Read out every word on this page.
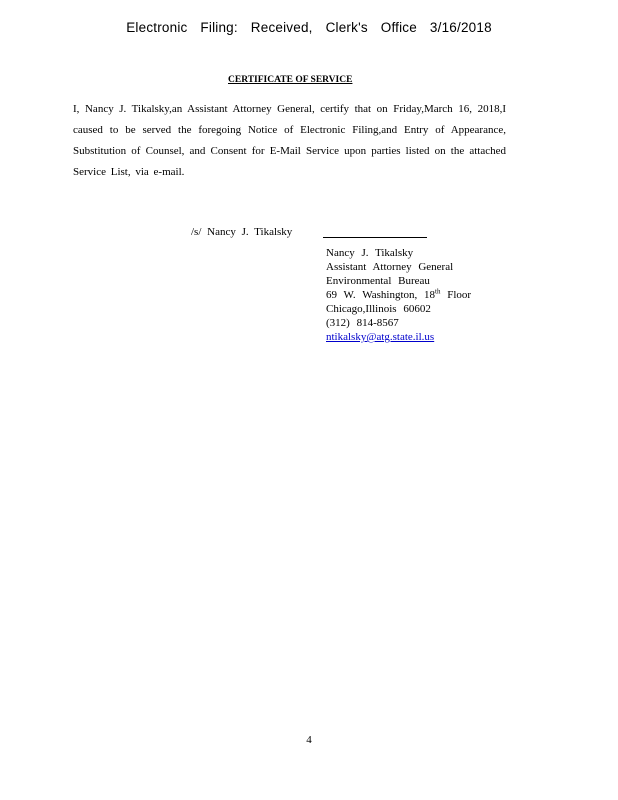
Electronic Filing: Received, Clerk's Office 3/16/2018
CERTIFICATE OF SERVICE
I, Nancy J. Tikalsky,an Assistant Attorney General, certify that on Friday,March 16, 2018,I caused to be served the foregoing Notice of Electronic Filing,and Entry of Appearance, Substitution of Counsel, and Consent for E-Mail Service upon parties listed on the attached Service List, via e-mail.
/s/ Nancy J. Tikalsky
Nancy J. Tikalsky
Assistant Attorney General
Environmental Bureau
69 W. Washington, 18th Floor
Chicago,Illinois 60602
(312) 814-8567
ntikalsky@atg.state.il.us
4
